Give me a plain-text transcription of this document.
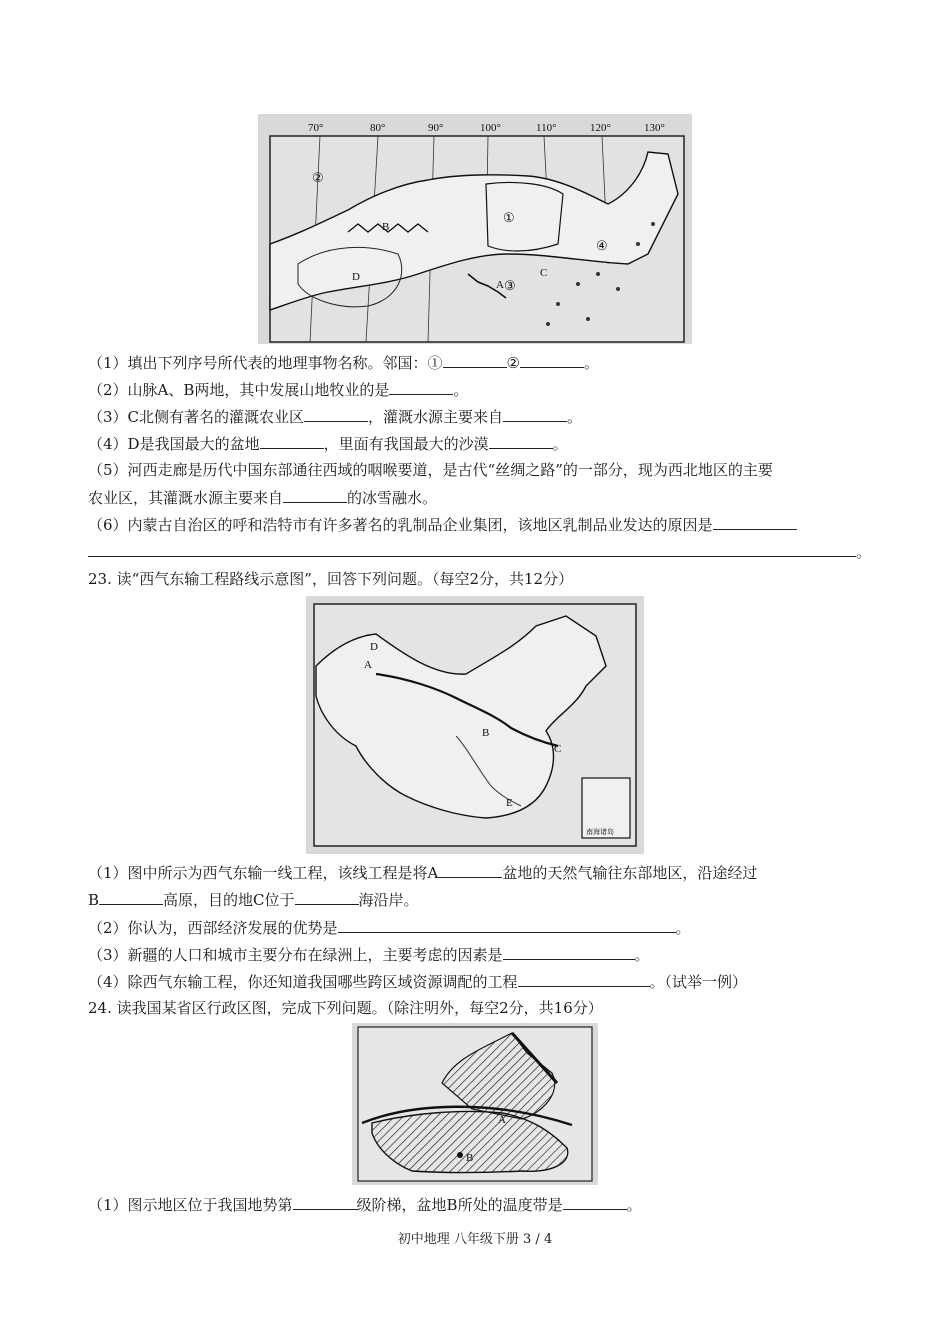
70°	80°	90°	100°	110°	120°	130°
①
②
③
④
A
B
C
D
（1）填出下列序号所代表的地理事物名称。邻国：①	②	。
（2）山脉A、B两地，其中发展山地牧业的是	。
（3）C北侧有著名的灌溉农业区	，灌溉水源主要来自	。
（4）D是我国最大的盆地	，里面有我国最大的沙漠	。
（5）河西走廊是历代中国东部通往西域的咽喉要道，是古代“丝绸之路”的一部分，现为西北地区的主要
农业区，其灌溉水源主要来自	的冰雪融水。
（6）内蒙古自治区的呼和浩特市有许多著名的乳制品企业集团，该地区乳制品业发达的原因是
。
23. 读“西气东输工程路线示意图”，回答下列问题。（每空2分，共12分）
南海诸岛
D
A
B
C
E
（1）图中所示为西气东输一线工程，该线工程是将A	盆地的天然气输往东部地区，沿途经过
B	高原，目的地C位于	海沿岸。
（2）你认为，西部经济发展的优势是	。
（3）新疆的人口和城市主要分布在绿洲上，主要考虑的因素是	。
（4）除西气东输工程，你还知道我国哪些跨区域资源调配的工程	。（试举一例）
24. 读我国某省区行政区图，完成下列问题。（除注明外，每空2分，共16分）
A
B
（1）图示地区位于我国地势第	级阶梯，盆地B所处的温度带是	。
初中地理 八年级下册 3 / 4
